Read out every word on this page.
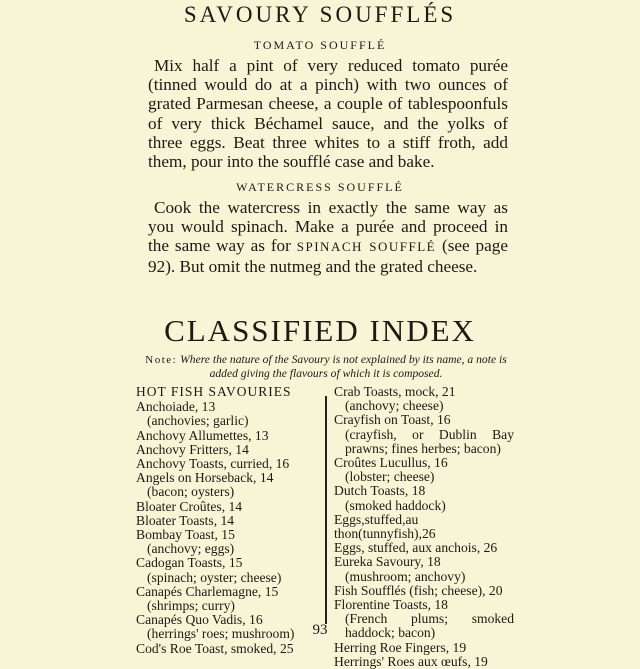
SAVOURY SOUFFLÉS
TOMATO SOUFFLÉ
Mix half a pint of very reduced tomato purée (tinned would do at a pinch) with two ounces of grated Parmesan cheese, a couple of tablespoonfuls of very thick Béchamel sauce, and the yolks of three eggs. Beat three whites to a stiff froth, add them, pour into the soufflé case and bake.
WATERCRESS SOUFFLÉ
Cook the watercress in exactly the same way as you would spinach. Make a purée and proceed in the same way as for SPINACH SOUFFLÉ (see page 92). But omit the nutmeg and the grated cheese.
CLASSIFIED INDEX
Note: Where the nature of the Savoury is not explained by its name, a note is added giving the flavours of which it is composed.
HOT FISH SAVOURIES
Anchoiade, 13
(anchovies; garlic)
Anchovy Allumettes, 13
Anchovy Fritters, 14
Anchovy Toasts, curried, 16
Angels on Horseback, 14
(bacon; oysters)
Bloater Croûtes, 14
Bloater Toasts, 14
Bombay Toast, 15
(anchovy; eggs)
Cadogan Toasts, 15
(spinach; oyster; cheese)
Canapés Charlemagne, 15
(shrimps; curry)
Canapés Quo Vadis, 16
(herrings' roes; mushroom)
Cod's Roe Toast, smoked, 25
Crab Toasts, mock, 21
(anchovy; cheese)
Crayfish on Toast, 16
(crayfish, or Dublin Bay prawns; fines herbes; bacon)
Croûtes Lucullus, 16
(lobster; cheese)
Dutch Toasts, 18
(smoked haddock)
Eggs,stuffed,au thon(tunnyfish),26
Eggs, stuffed, aux anchois, 26
Eureka Savoury, 18
(mushroom; anchovy)
Fish Soufflés (fish; cheese), 20
Florentine Toasts, 18
(French plums; smoked haddock; bacon)
Herring Roe Fingers, 19
Herrings' Roes aux œufs, 19
93
